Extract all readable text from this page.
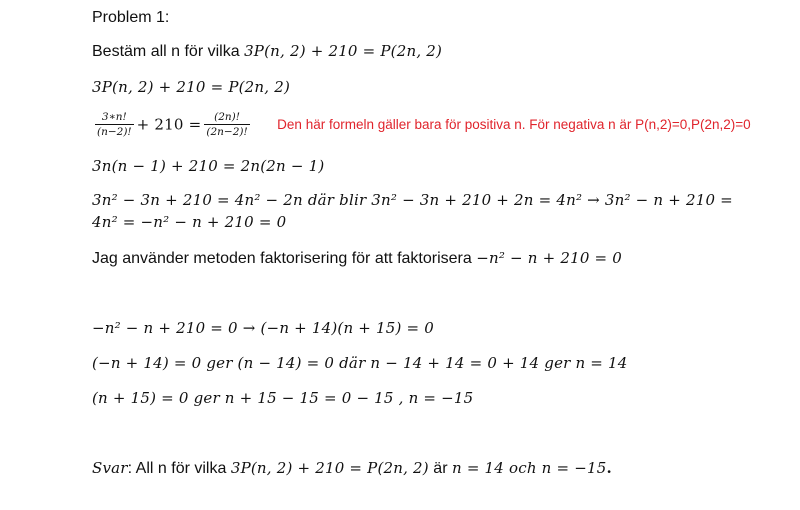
Problem 1:
Bestäm all n för vilka 3P(n, 2) + 210 = P(2n, 2)
3P(n, 2) + 210 = P(2n, 2)
$\frac{3∗n!}{(n-2)!} + 210 = \frac{(2n)!}{(2n-2)!}$ Den här formeln gäller bara för positiva n. För negativa n är P(n,2)=0,P(2n,2)=0
3n(n − 1) + 210 = 2n(2n − 1)
3n² − 3n + 210 = 4n² − 2n där blir 3n² − 3n + 210 + 2n = 4n² → 3n² − n + 210 =
4n² = −n² − n + 210 = 0
Jag använder metoden faktorisering för att faktorisera −n² − n + 210 = 0
−n² − n + 210 = 0 → (−n + 14)(n + 15) = 0
(−n + 14) = 0 ger (n − 14) = 0 där n − 14 + 14 = 0 + 14 ger n = 14
(n + 15) = 0 ger n + 15 − 15 = 0 − 15 , n = −15
Svar: All n för vilka 3P(n, 2) + 210 = P(2n, 2) är n = 14 och n = −15.
